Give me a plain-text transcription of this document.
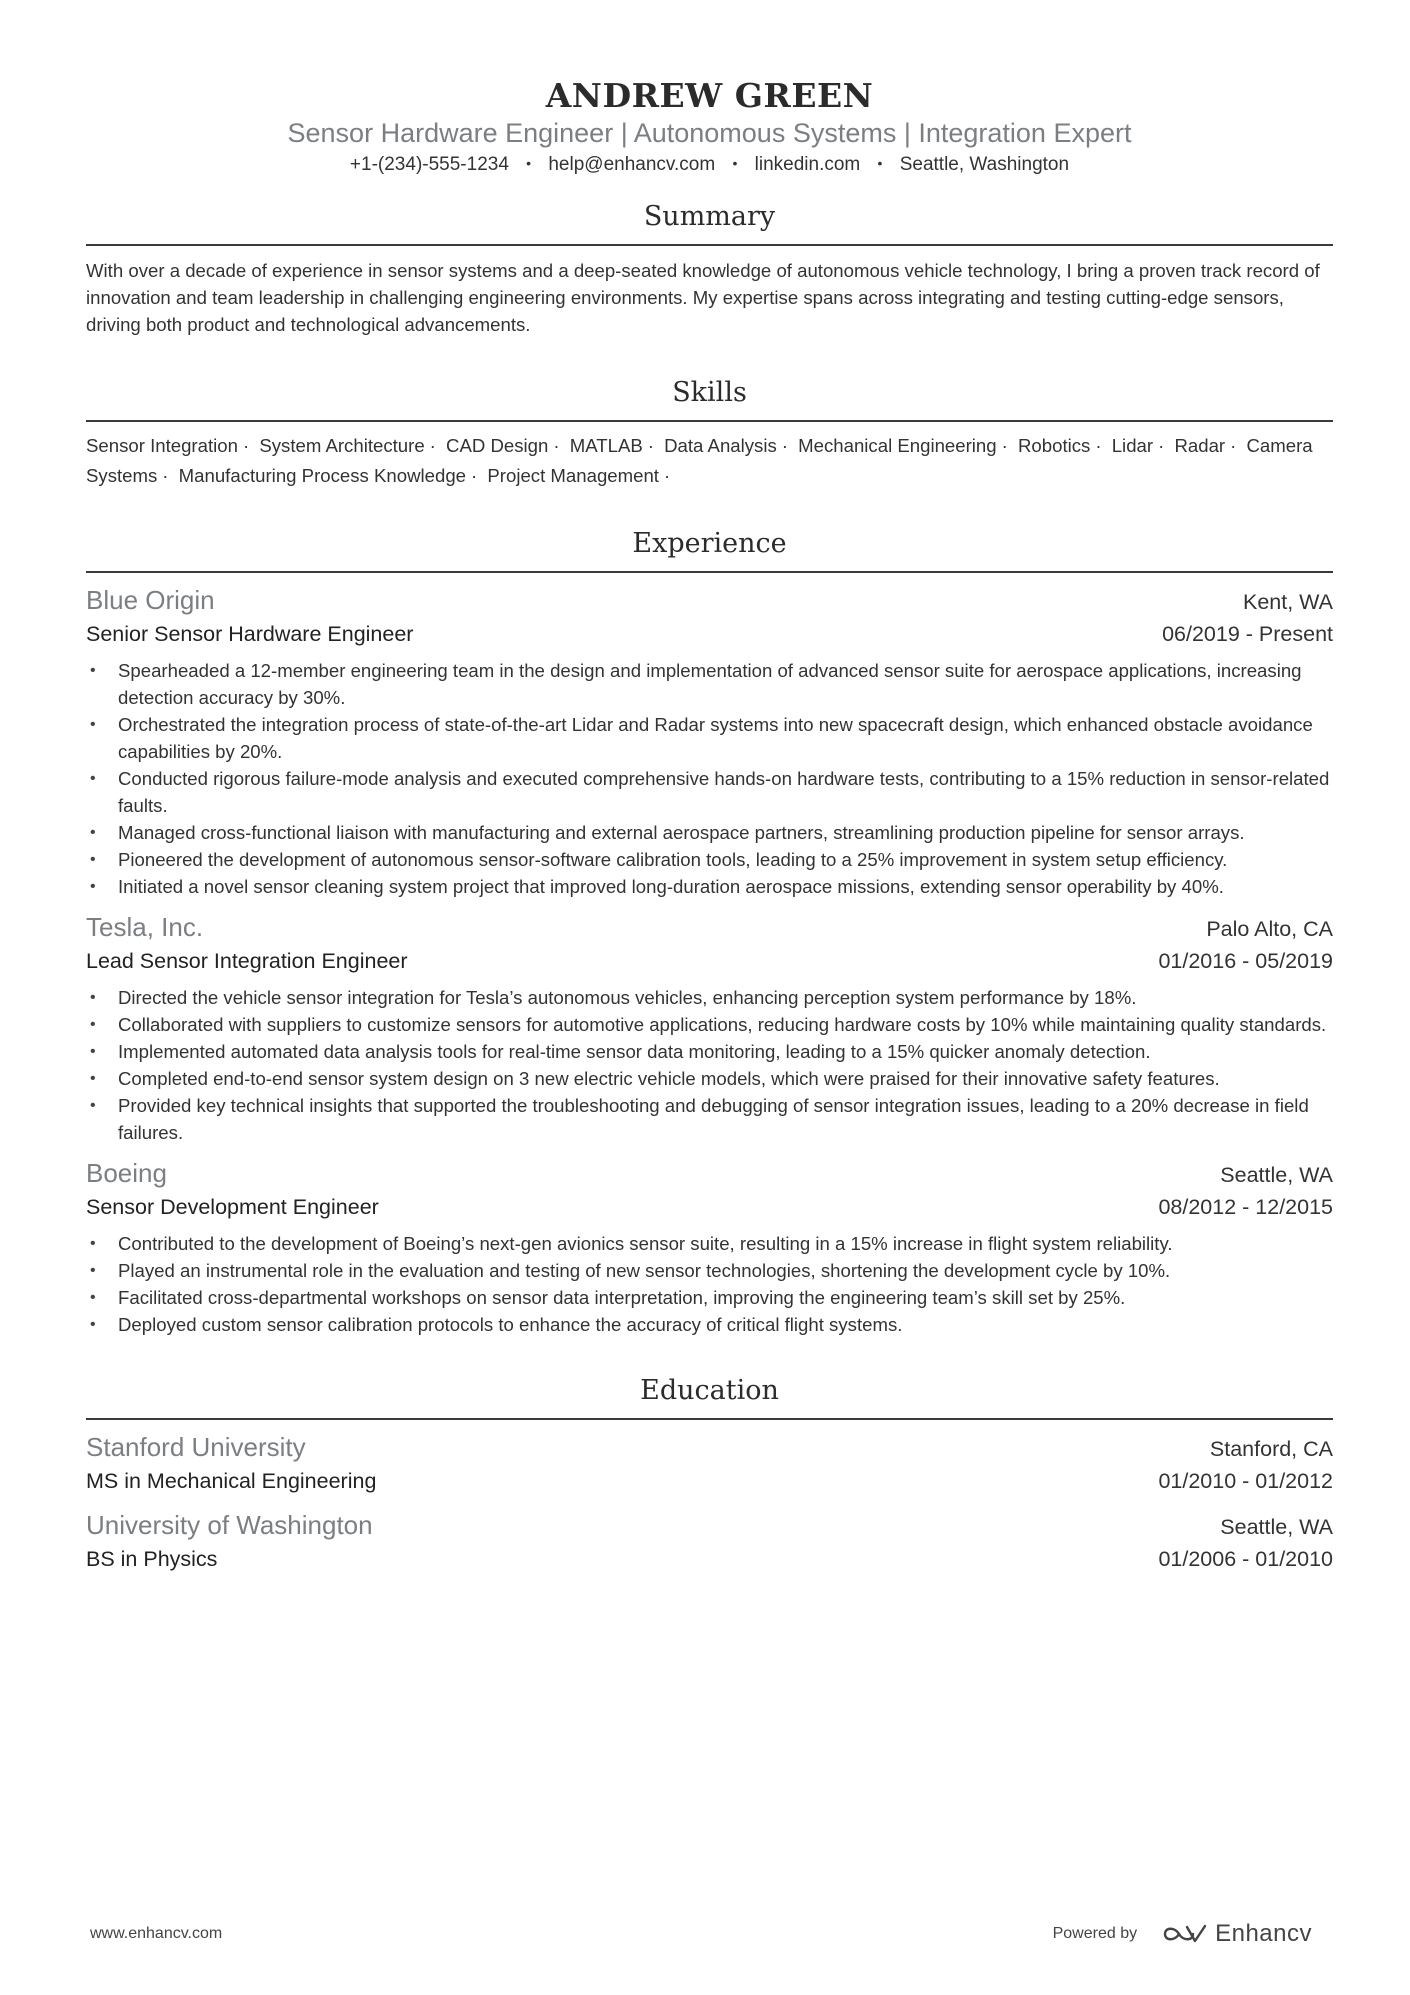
ANDREW GREEN
Sensor Hardware Engineer | Autonomous Systems | Integration Expert
+1-(234)-555-1234 • help@enhancv.com • linkedin.com • Seattle, Washington
Summary

With over a decade of experience in sensor systems and a deep-seated knowledge of autonomous vehicle technology, I bring a proven track record of innovation and team leadership in challenging engineering environments. My expertise spans across integrating and testing cutting-edge sensors, driving both product and technological advancements.

Skills
Sensor Integration · System Architecture · CAD Design · MATLAB · Data Analysis · Mechanical Engineering · Robotics · Lidar · Radar · Camera Systems · Manufacturing Process Knowledge · Project Management ·
Experience
Blue Origin	Kent, WA
Senior Sensor Hardware Engineer	06/2019 - Present
• Spearheaded a 12-member engineering team in the design and implementation of advanced sensor suite for aerospace applications, increasing detection accuracy by 30%.
• Orchestrated the integration process of state-of-the-art Lidar and Radar systems into new spacecraft design, which enhanced obstacle avoidance capabilities by 20%.
• Conducted rigorous failure-mode analysis and executed comprehensive hands-on hardware tests, contributing to a 15% reduction in sensor-related faults.
• Managed cross-functional liaison with manufacturing and external aerospace partners, streamlining production pipeline for sensor arrays.
• Pioneered the development of autonomous sensor-software calibration tools, leading to a 25% improvement in system setup efficiency.
• Initiated a novel sensor cleaning system project that improved long-duration aerospace missions, extending sensor operability by 40%.
Tesla, Inc.	Palo Alto, CA
Lead Sensor Integration Engineer	01/2016 - 05/2019
• Directed the vehicle sensor integration for Tesla’s autonomous vehicles, enhancing perception system performance by 18%.
• Collaborated with suppliers to customize sensors for automotive applications, reducing hardware costs by 10% while maintaining quality standards.
• Implemented automated data analysis tools for real-time sensor data monitoring, leading to a 15% quicker anomaly detection.
• Completed end-to-end sensor system design on 3 new electric vehicle models, which were praised for their innovative safety features.
• Provided key technical insights that supported the troubleshooting and debugging of sensor integration issues, leading to a 20% decrease in field failures.
Boeing	Seattle, WA
Sensor Development Engineer	08/2012 - 12/2015
• Contributed to the development of Boeing’s next-gen avionics sensor suite, resulting in a 15% increase in flight system reliability.
• Played an instrumental role in the evaluation and testing of new sensor technologies, shortening the development cycle by 10%.
• Facilitated cross-departmental workshops on sensor data interpretation, improving the engineering team’s skill set by 25%.
• Deployed custom sensor calibration protocols to enhance the accuracy of critical flight systems.
Education
Stanford University	Stanford, CA
MS in Mechanical Engineering	01/2010 - 01/2012
University of Washington	Seattle, WA
BS in Physics	01/2006 - 01/2010
www.enhancv.com	Powered by	Enhancv
